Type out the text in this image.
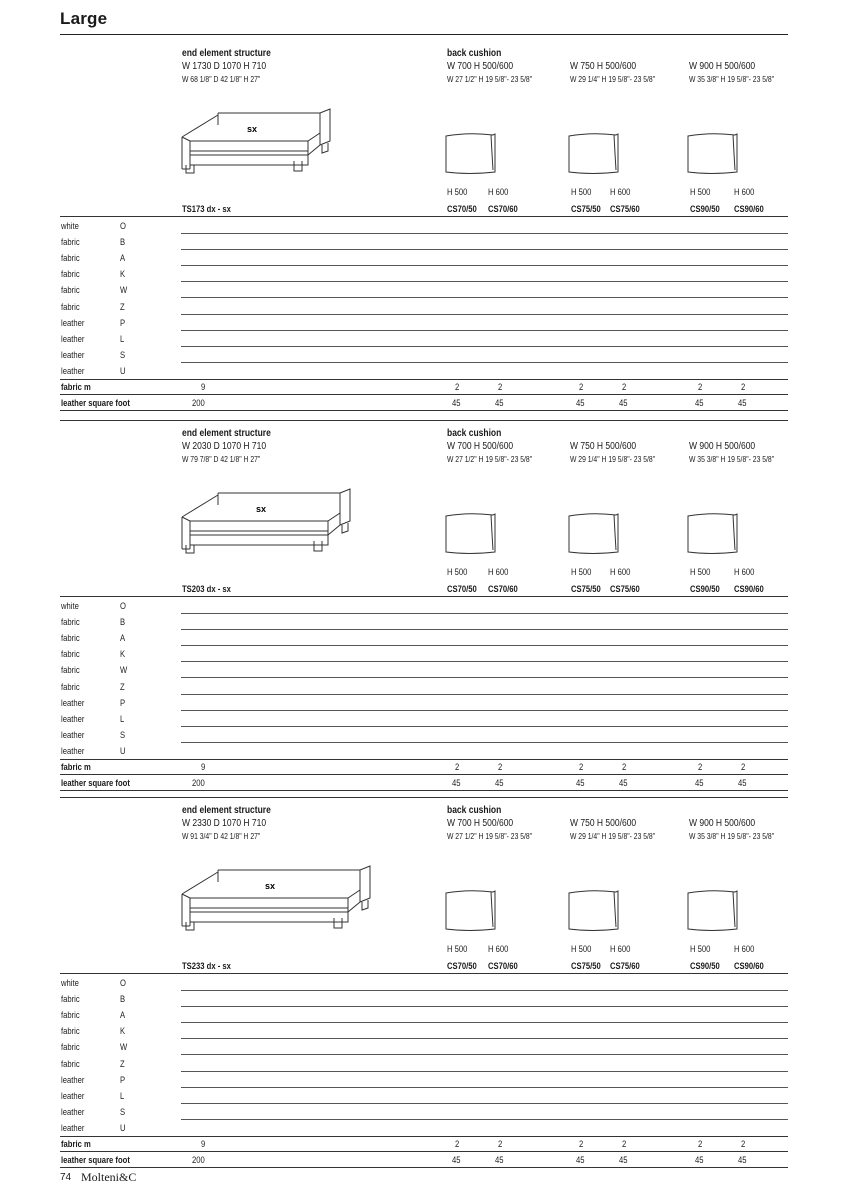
Large
end element structure
W 1730 D 1070 H 710
W 68 1/8" D 42 1/8" H 27"
back cushion
W 700 H 500/600
W 27 1/2" H 19 5/8"- 23 5/8"
H 500 H 600
CS70/50 CS70/60
W 750 H 500/600
W 29 1/4" H 19 5/8"- 23 5/8"
H 500 H 600
CS75/50 CS75/60
W 900 H 500/600
W 35 3/8" H 19 5/8"- 23 5/8"
H 500	H 600
CS90/50 CS90/60
sx
TS173 dx - sx
white	O
fabric	B
fabric	A
fabric	K
fabric	W
fabric	Z
leather	P
leather	L
leather	S
leather	U
fabric m	9	2	2	2	2	2	2
leather square foot	200	45	45	45	45	45	45
end element structure
W 2030 D 1070 H 710
W 79 7/8" D 42 1/8" H 27"
back cushion
W 700 H 500/600
W 27 1/2" H 19 5/8"- 23 5/8"
H 500 H 600
CS70/50 CS70/60
W 750 H 500/600
W 29 1/4" H 19 5/8"- 23 5/8"
H 500 H 600
CS75/50 CS75/60
W 900 H 500/600
W 35 3/8" H 19 5/8"- 23 5/8"
H 500	H 600
CS90/50 CS90/60
sx
TS203 dx - sx
white	O
fabric	B
fabric	A
fabric	K
fabric	W
fabric	Z
leather	P
leather	L
leather	S
leather	U
fabric m	9	2	2	2	2	2	2
leather square foot	200	45	45	45	45	45	45
end element structure
W 2330 D 1070 H 710
W 91 3/4" D 42 1/8" H 27"
back cushion
W 700 H 500/600
W 27 1/2" H 19 5/8"- 23 5/8"
H 500 H 600
CS70/50 CS70/60
W 750 H 500/600
W 29 1/4" H 19 5/8"- 23 5/8"
H 500 H 600
CS75/50 CS75/60
W 900 H 500/600
W 35 3/8" H 19 5/8"- 23 5/8"
H 500	H 600
CS90/50 CS90/60
sx
TS233 dx - sx
white	O
fabric	B
fabric	A
fabric	K
fabric	W
fabric	Z
leather	P
leather	L
leather	S
leather	U
fabric m	9	2	2	2	2	2	2
leather square foot	200	45	45	45	45	45	45
74 Molteni&C
